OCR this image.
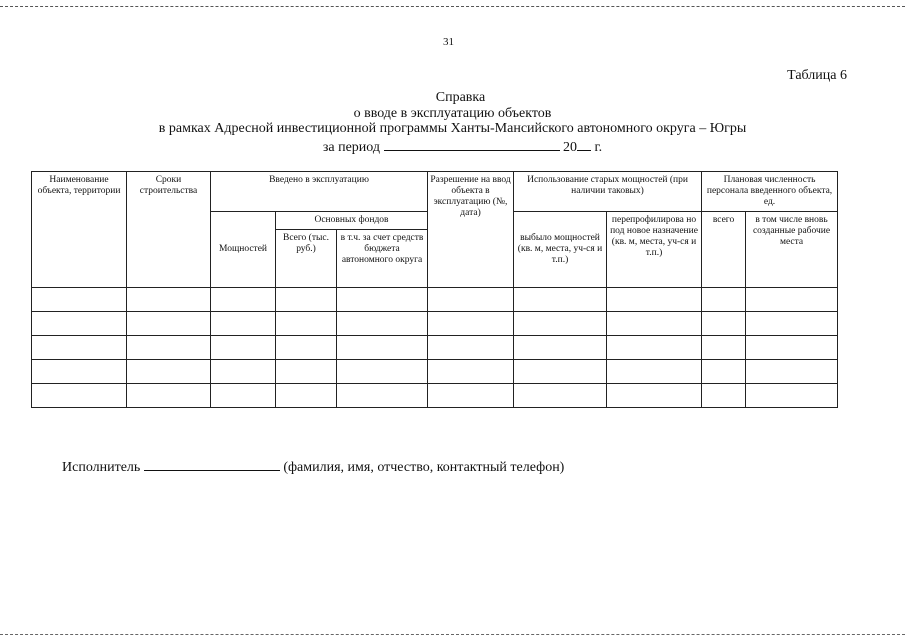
31
Таблица 6
Справка
о вводе в эксплуатацию объектов
в рамках Адресной инвестиционной программы Ханты-Мансийского автономного округа – Югры
за период	20 г.
Наименование объекта, территории	Сроки строительства	Введено в эксплуатацию			Разрешение на ввод объекта в эксплуатацию (№, дата)	Использование старых мощностей (при наличии таковых)		Плановая численность персонала введенного объекта, ед.	
		Мощностей	Основных фондов			выбыло мощностей (кв. м, места, уч-ся и т.п.)	перепрофилирова но под новое назначение (кв. м, места, уч-ся и т.п.)	всего	в том числе вновь созданные рабочие места
			Всего (тыс. руб.)	в т.ч. за счет средств бюджета автономного округа					

Исполнитель	(фамилия, имя, отчество, контактный телефон)
